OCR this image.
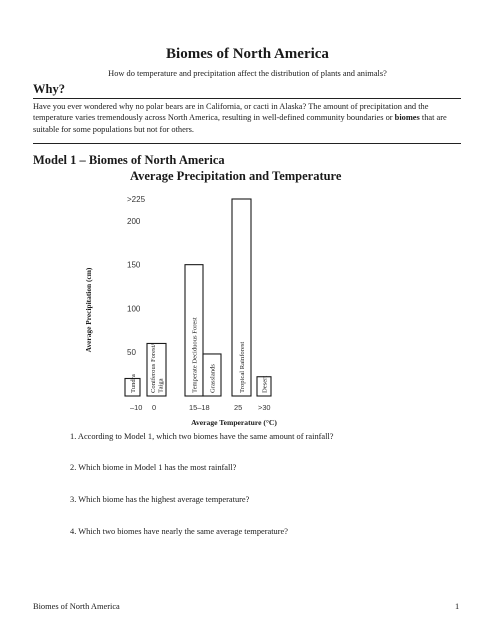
Biomes of North America
How do temperature and precipitation affect the distribution of plants and animals?
Why?
Have you ever wondered why no polar bears are in California, or cacti in Alaska? The amount of precipitation and the temperature varies tremendously across North America, resulting in well-defined community boundaries or biomes that are suitable for some populations but not for others.
Model 1 – Biomes of North America
Average Precipitation and Temperature
50
100
150
200
>225
Average Precipitation (cm)
Tundra Coniferous Forest/Taiga	Temperate Deciduous Forest Grasslands	Tropical Rainforest Desert
–10 0	15–18	25 >30
Average Temperature (°C)
1. According to Model 1, which two biomes have the same amount of rainfall?
2. Which biome in Model 1 has the most rainfall?
3. Which biome has the highest average temperature?
4. Which two biomes have nearly the same average temperature?
Biomes of North America	1
